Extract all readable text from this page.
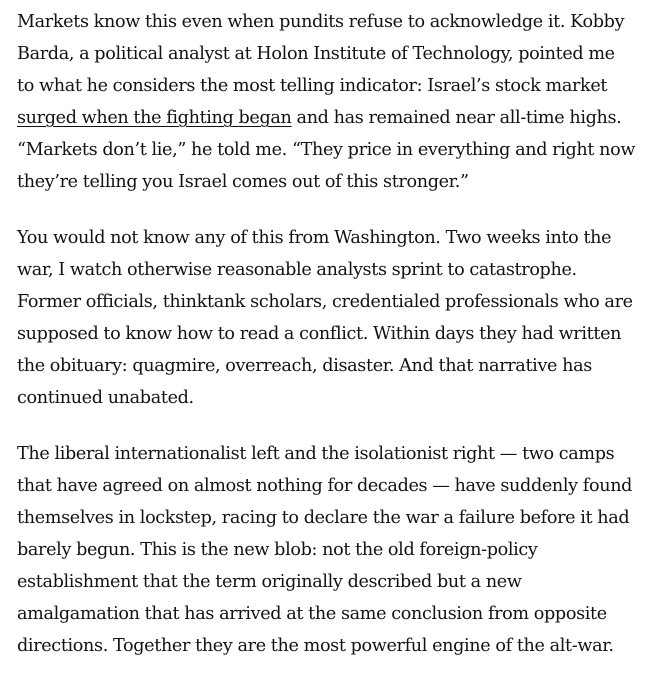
Markets know this even when pundits refuse to acknowledge it. Kobby
Barda, a political analyst at Holon Institute of Technology, pointed me
to what he considers the most telling indicator: Israel’s stock market
surged when the fighting began and has remained near all-time highs.
“Markets don’t lie,” he told me. “They price in everything and right now
they’re telling you Israel comes out of this stronger.”

You would not know any of this from Washington. Two weeks into the
war, I watch otherwise reasonable analysts sprint to catastrophe.
Former officials, thinktank scholars, credentialed professionals who are
supposed to know how to read a conflict. Within days they had written
the obituary: quagmire, overreach, disaster. And that narrative has
continued unabated.

The liberal internationalist left and the isolationist right — two camps
that have agreed on almost nothing for decades — have suddenly found
themselves in lockstep, racing to declare the war a failure before it had
barely begun. This is the new blob: not the old foreign-policy
establishment that the term originally described but a new
amalgamation that has arrived at the same conclusion from opposite
directions. Together they are the most powerful engine of the alt-war.
